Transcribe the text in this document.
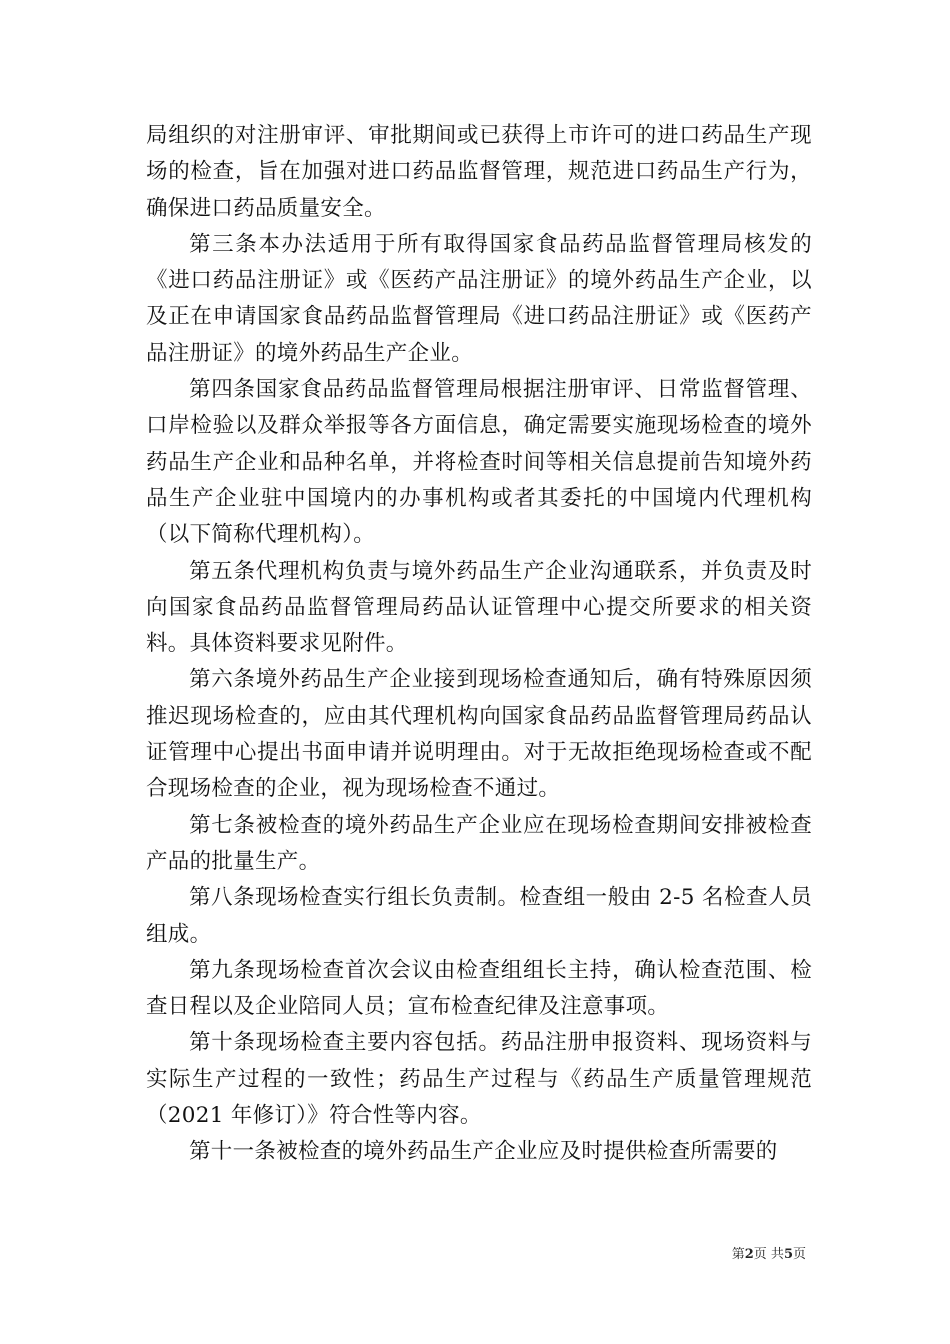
局组织的对注册审评、审批期间或已获得上市许可的进口药品生产现场的检查，旨在加强对进口药品监督管理，规范进口药品生产行为，确保进口药品质量安全。

第三条本办法适用于所有取得国家食品药品监督管理局核发的《进口药品注册证》或《医药产品注册证》的境外药品生产企业，以及正在申请国家食品药品监督管理局《进口药品注册证》或《医药产品注册证》的境外药品生产企业。

第四条国家食品药品监督管理局根据注册审评、日常监督管理、口岸检验以及群众举报等各方面信息，确定需要实施现场检查的境外药品生产企业和品种名单，并将检查时间等相关信息提前告知境外药品生产企业驻中国境内的办事机构或者其委托的中国境内代理机构（以下简称代理机构）。

第五条代理机构负责与境外药品生产企业沟通联系，并负责及时向国家食品药品监督管理局药品认证管理中心提交所要求的相关资料。具体资料要求见附件。

第六条境外药品生产企业接到现场检查通知后，确有特殊原因须推迟现场检查的，应由其代理机构向国家食品药品监督管理局药品认证管理中心提出书面申请并说明理由。对于无故拒绝现场检查或不配合现场检查的企业，视为现场检查不通过。

第七条被检查的境外药品生产企业应在现场检查期间安排被检查产品的批量生产。

第八条现场检查实行组长负责制。检查组一般由 2-5 名检查人员组成。

第九条现场检查首次会议由检查组组长主持，确认检查范围、检查日程以及企业陪同人员；宣布检查纪律及注意事项。

第十条现场检查主要内容包括。药品注册申报资料、现场资料与实际生产过程的一致性；药品生产过程与《药品生产质量管理规范（2021 年修订）》符合性等内容。

第十一条被检查的境外药品生产企业应及时提供检查所需要的

第2页 共5页
